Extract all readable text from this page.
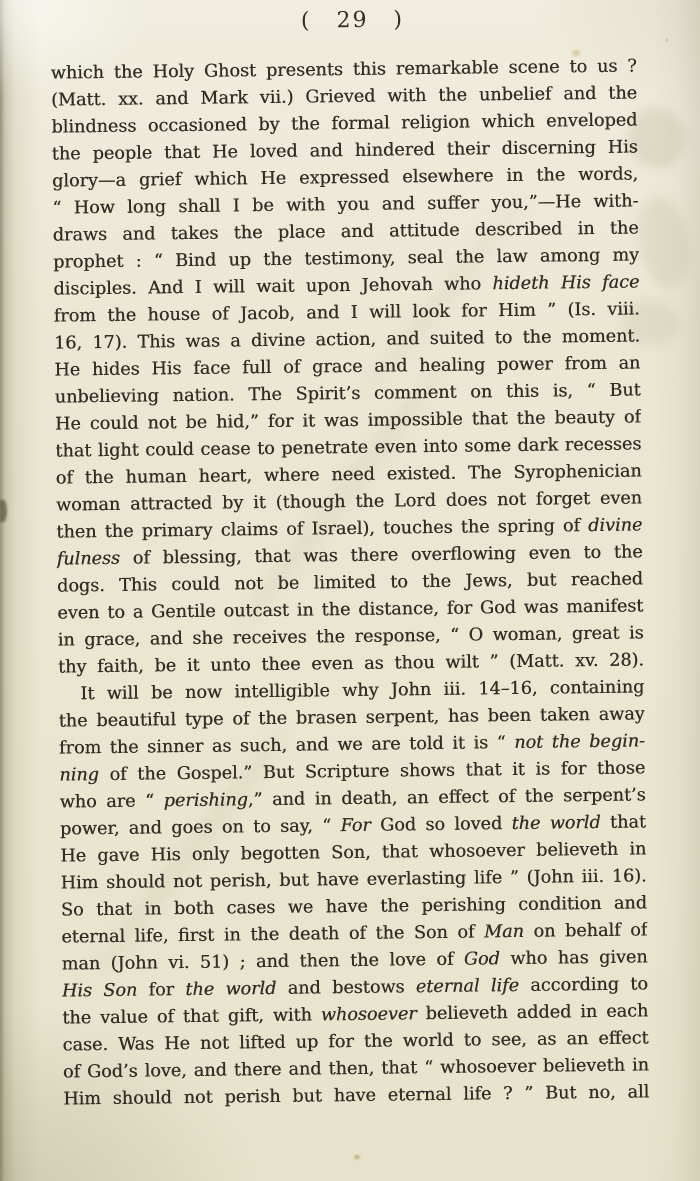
( 29 )
which the Holy Ghost presents this remarkable scene to us ?
(Matt. xx. and Mark vii.) Grieved with the unbelief and the
blindness occasioned by the formal religion which enveloped
the people that He loved and hindered their discerning His
glory—a grief which He expressed elsewhere in the words,
“ How long shall I be with you and suffer you,”—He with-
draws and takes the place and attitude described in the
prophet : “ Bind up the testimony, seal the law among my
disciples. And I will wait upon Jehovah who hideth His face
from the house of Jacob, and I will look for Him ” (Is. viii.
16, 17). This was a divine action, and suited to the moment.
He hides His face full of grace and healing power from an
unbelieving nation. The Spirit’s comment on this is, “ But
He could not be hid,” for it was impossible that the beauty of
that light could cease to penetrate even into some dark recesses
of the human heart, where need existed. The Syrophenician
woman attracted by it (though the Lord does not forget even
then the primary claims of Israel), touches the spring of divine
fulness of blessing, that was there overflowing even to the
dogs. This could not be limited to the Jews, but reached
even to a Gentile outcast in the distance, for God was manifest
in grace, and she receives the response, “ O woman, great is
thy faith, be it unto thee even as thou wilt ” (Matt. xv. 28).
It will be now intelligible why John iii. 14–16, containing
the beautiful type of the brasen serpent, has been taken away
from the sinner as such, and we are told it is “ not the begin-
ning of the Gospel.” But Scripture shows that it is for those
who are “ perishing,” and in death, an effect of the serpent’s
power, and goes on to say, “ For God so loved the world that
He gave His only begotten Son, that whosoever believeth in
Him should not perish, but have everlasting life ” (John iii. 16).
So that in both cases we have the perishing condition and
eternal life, first in the death of the Son of Man on behalf of
man (John vi. 51) ; and then the love of God who has given
His Son for the world and bestows eternal life according to
the value of that gift, with whosoever believeth added in each
case. Was He not lifted up for the world to see, as an effect
of God’s love, and there and then, that “ whosoever believeth in
Him should not perish but have eternal life ? ” But no, all
